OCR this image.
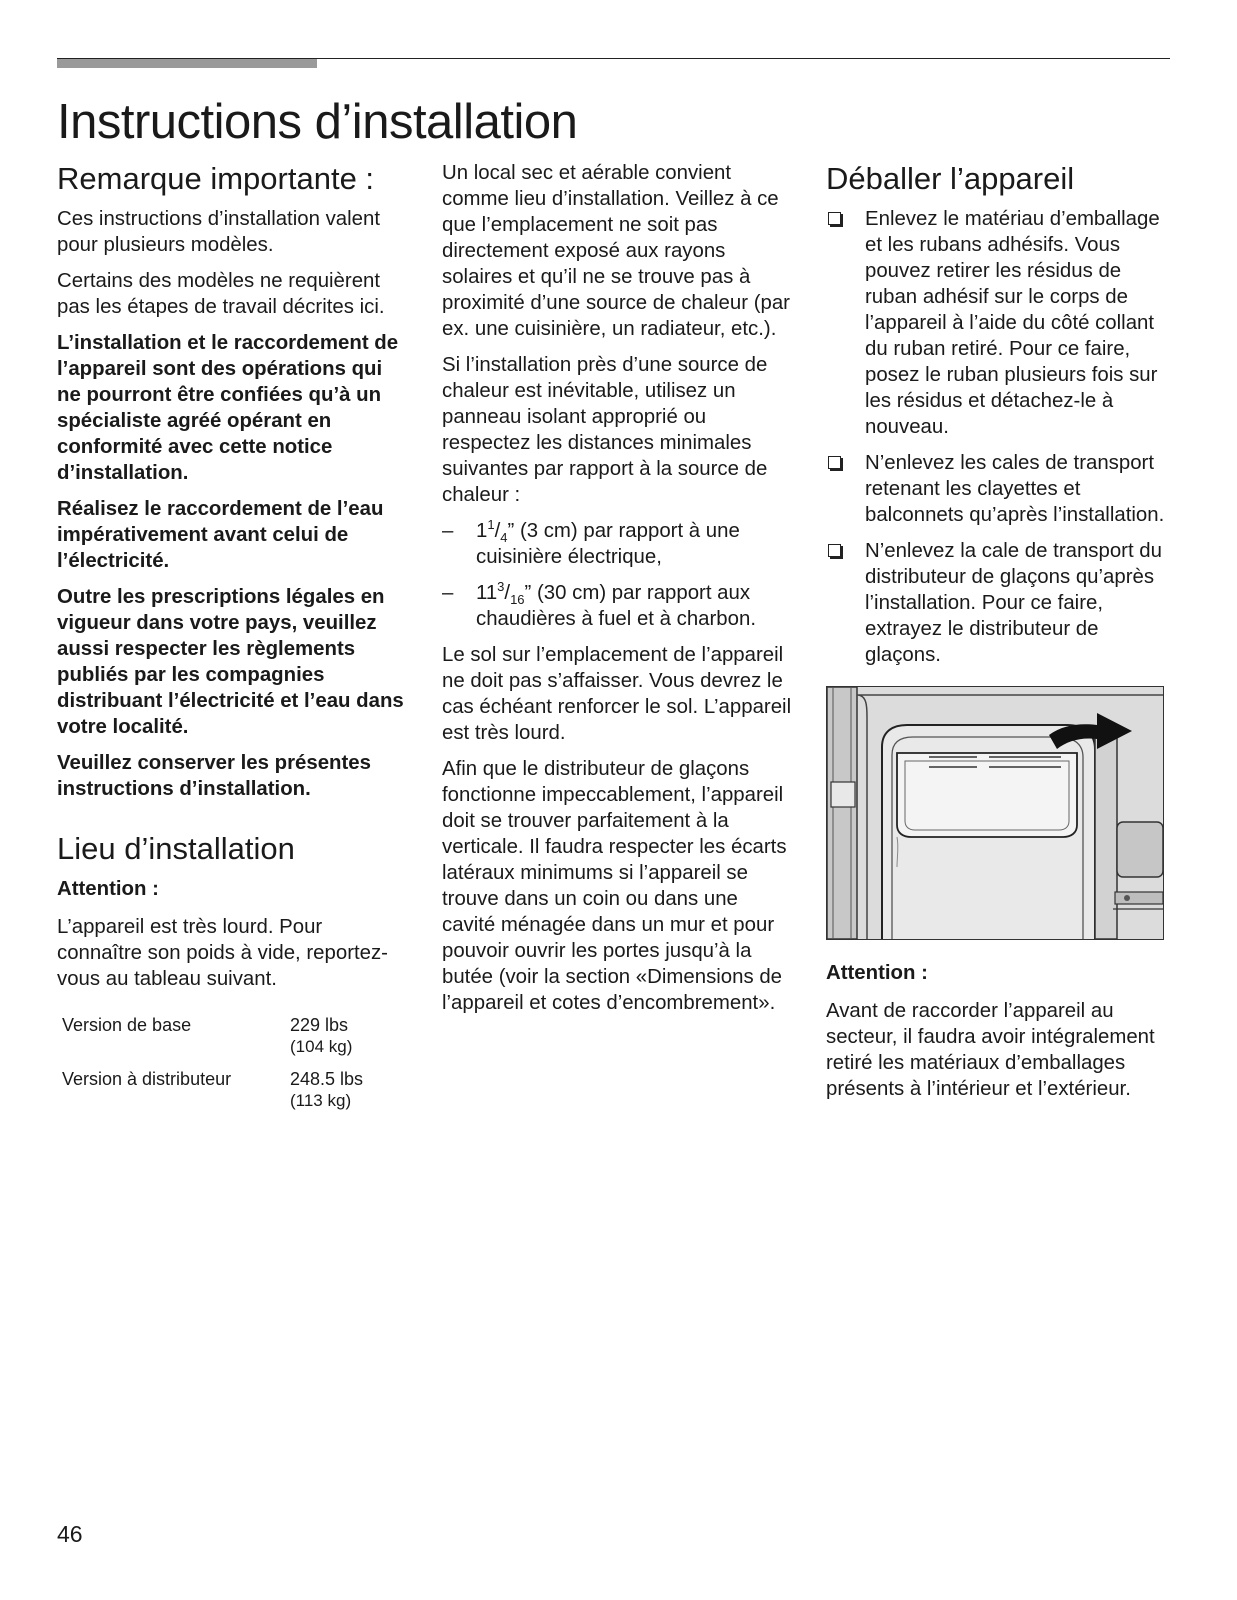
Instructions d’installation
Remarque importante :

Ces instructions d’installation valent pour plusieurs modèles.

Certains des modèles ne requièrent pas les étapes de travail décrites ici.

L’installation et le raccordement de l’appareil sont des opérations qui ne pourront être confiées qu’à un spécialiste agréé opérant en conformité avec cette notice d’installation.

Réalisez le raccordement de l’eau impérativement avant celui de l’électricité.

Outre les prescriptions légales en vigueur dans votre pays, veuillez aussi respecter les règlements publiés par les compagnies distribuant l’électricité et l’eau dans votre localité.

Veuillez conserver les présentes instructions d’installation.

Lieu d’installation

Attention :

L’appareil est très lourd. Pour connaître son poids à vide, reportez-vous au tableau suivant.

Version de base	229 lbs
(104 kg)

Version à distributeur	248.5 lbs
(113 kg)

Un local sec et aérable convient comme lieu d’installation. Veillez à ce que l’emplacement ne soit pas directement exposé aux rayons solaires et qu’il ne se trouve pas à proximité d’une source de chaleur (par ex. une cuisinière, un radiateur, etc.).

Si l’installation près d’une source de chaleur est inévitable, utilisez un panneau isolant approprié ou respectez les distances minimales suivantes par rapport à la source de chaleur :

– $1^1/_4$” (3 cm) par rapport à une cuisinière électrique,
– $11^3/_{16}$” (30 cm) par rapport aux chaudières à fuel et à charbon.

Le sol sur l’emplacement de l’appareil ne doit pas s’affaisser. Vous devrez le cas échéant renforcer le sol. L’appareil est très lourd.

Afin que le distributeur de glaçons fonctionne impeccablement, l’appareil doit se trouver parfaitement à la verticale. Il faudra respecter les écarts latéraux minimums si l’appareil se trouve dans un coin ou dans une cavité ménagée dans un mur et pour pouvoir ouvrir les portes jusqu’à la butée (voir la section «Dimensions de l’appareil et cotes d’encombrement».

Déballer l’appareil
Enlevez le matériau d’emballage et les rubans adhésifs. Vous pouvez retirer les résidus de ruban adhésif sur le corps de l’appareil à l’aide du côté collant du ruban retiré. Pour ce faire, posez le ruban plusieurs fois sur les résidus et détachez-le à nouveau.
N’enlevez les cales de transport retenant les clayettes et balconnets qu’après l’installation.
N’enlevez la cale de transport du distributeur de glaçons qu’après l’installation. Pour ce faire, extrayez le distributeur de glaçons.

Attention :

Avant de raccorder l’appareil au secteur, il faudra avoir intégralement retiré les matériaux d’emballages présents à l’intérieur et l’extérieur.

46
